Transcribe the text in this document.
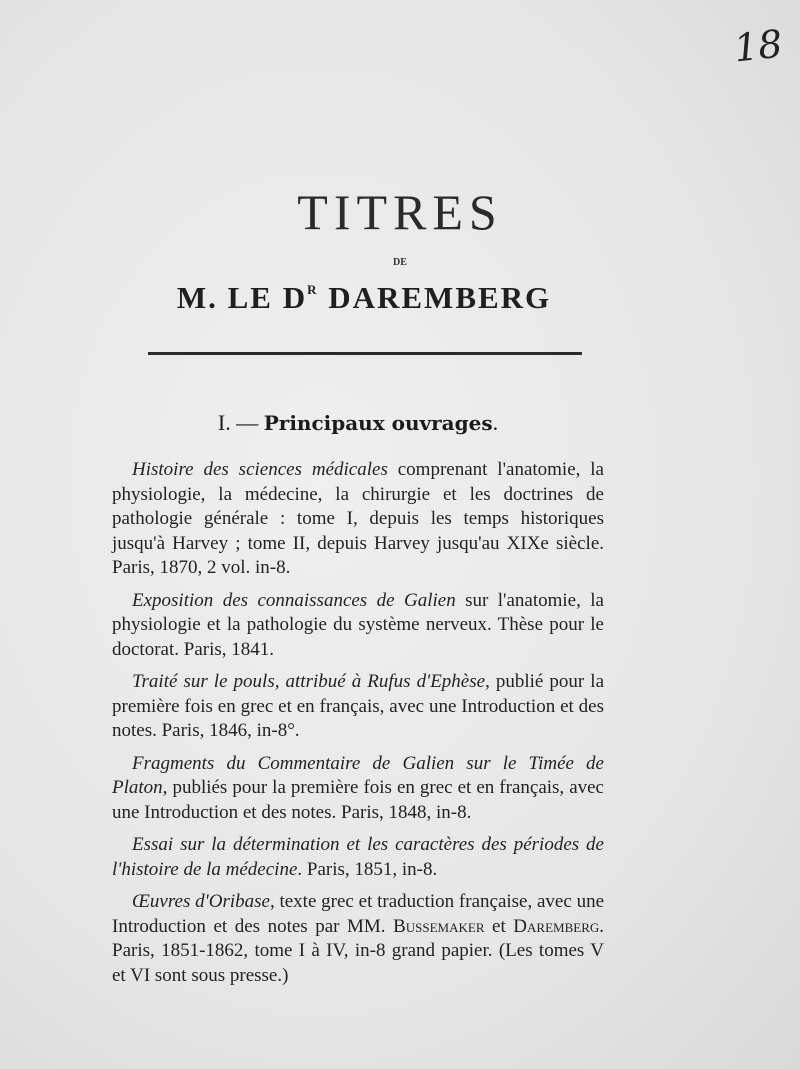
18
TITRES
DE
M. LE $D^R$ DAREMBERG
I. — Principaux ouvrages.

Histoire des sciences médicales comprenant l'anatomie, la physiologie, la médecine, la chirurgie et les doctrines de pathologie générale : tome I, depuis les temps historiques jusqu'à Harvey ; tome II, depuis Harvey jusqu'au XIXe siècle. Paris, 1870, 2 vol. in-8.

Exposition des connaissances de Galien sur l'anatomie, la physiologie et la pathologie du système nerveux. Thèse pour le doctorat. Paris, 1841.

Traité sur le pouls, attribué à Rufus d'Ephèse, publié pour la première fois en grec et en français, avec une Introduction et des notes. Paris, 1846, in-8°.

Fragments du Commentaire de Galien sur le Timée de Platon, publiés pour la première fois en grec et en français, avec une Introduction et des notes. Paris, 1848, in-8.

Essai sur la détermination et les caractères des périodes de l'histoire de la médecine. Paris, 1851, in-8.

Œuvres d'Oribase, texte grec et traduction française, avec une Introduction et des notes par MM. Bussemaker et Daremberg. Paris, 1851-1862, tome I à IV, in-8 grand papier. (Les tomes V et VI sont sous presse.)
